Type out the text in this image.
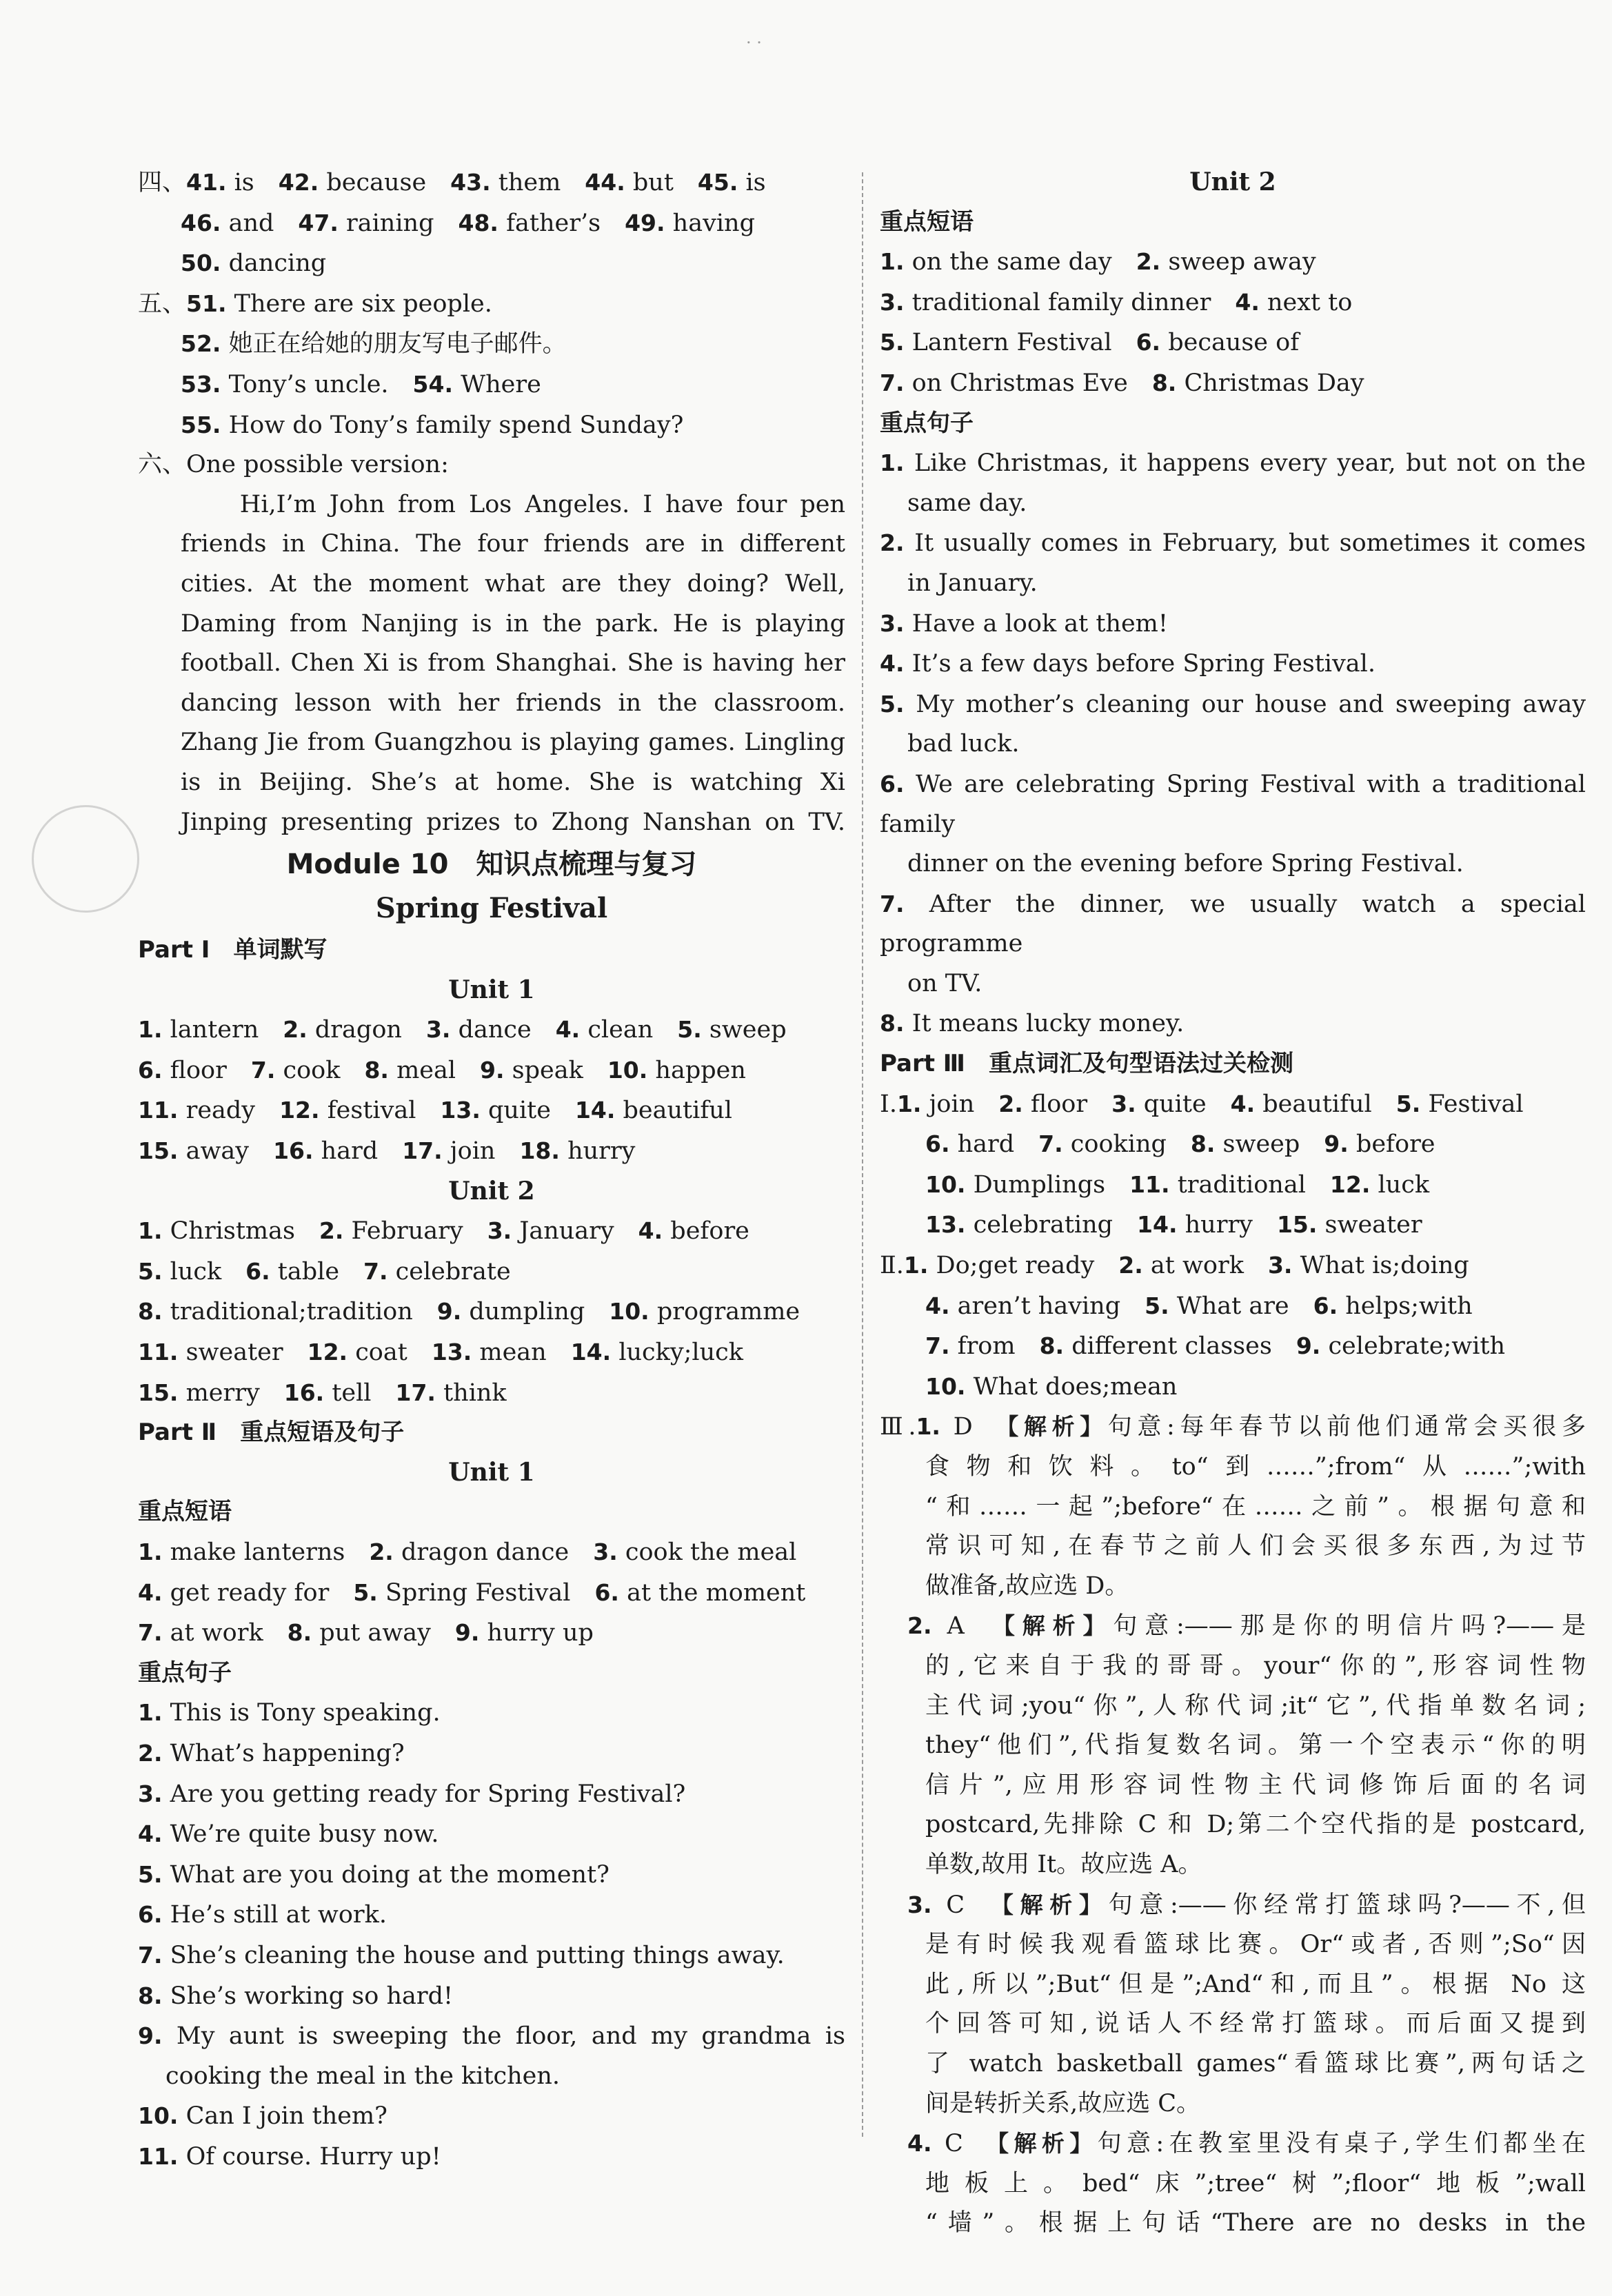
· ·
四、41. is　42. because　43. them　44. but　45. is
46. and　47. raining　48. father’s　49. having
50. dancing
五、51. There are six people.
52. 她正在给她的朋友写电子邮件。
53. Tony’s uncle.　54. Where
55. How do Tony’s family spend Sunday?
六、One possible version:
　　Hi,I’m John from Los Angeles. I have four pen
friends in China. The four friends are in different
cities. At the moment what are they doing? Well,
Daming from Nanjing is in the park. He is playing
football. Chen Xi is from Shanghai. She is having her
dancing lesson with her friends in the classroom.
Zhang Jie from Guangzhou is playing games. Lingling
is in Beijing. She’s at home. She is watching Xi
Jinping presenting prizes to Zhong Nanshan on TV.
Module 10　知识点梳理与复习
Spring Festival
Part Ⅰ　单词默写
Unit 1
1. lantern　2. dragon　3. dance　4. clean　5. sweep
6. floor　7. cook　8. meal　9. speak　10. happen
11. ready　12. festival　13. quite　14. beautiful
15. away　16. hard　17. join　18. hurry
Unit 2
1. Christmas　2. February　3. January　4. before
5. luck　6. table　7. celebrate
8. traditional;tradition　9. dumpling　10. programme
11. sweater　12. coat　13. mean　14. lucky;luck
15. merry　16. tell　17. think
Part Ⅱ　重点短语及句子
Unit 1
重点短语
1. make lanterns　2. dragon dance　3. cook the meal
4. get ready for　5. Spring Festival　6. at the moment
7. at work　8. put away　9. hurry up
重点句子
1. This is Tony speaking.
2. What’s happening?
3. Are you getting ready for Spring Festival?
4. We’re quite busy now.
5. What are you doing at the moment?
6. He’s still at work.
7. She’s cleaning the house and putting things away.
8. She’s working so hard!
9. My aunt is sweeping the floor, and my grandma is
cooking the meal in the kitchen.
10. Can I join them?
11. Of course. Hurry up!
Unit 2
重点短语
1. on the same day　2. sweep away
3. traditional family dinner　4. next to
5. Lantern Festival　6. because of
7. on Christmas Eve　8. Christmas Day
重点句子
1. Like Christmas, it happens every year, but not on the
same day.
2. It usually comes in February, but sometimes it comes
in January.
3. Have a look at them!
4. It’s a few days before Spring Festival.
5. My mother’s cleaning our house and sweeping away
bad luck.
6. We are celebrating Spring Festival with a traditional family
dinner on the evening before Spring Festival.
7. After the dinner, we usually watch a special programme
on TV.
8. It means lucky money.
Part Ⅲ　重点词汇及句型语法过关检测
Ⅰ.1. join　2. floor　3. quite　4. beautiful　5. Festival
6. hard　7. cooking　8. sweep　9. before
10. Dumplings　11. traditional　12. luck
13. celebrating　14. hurry　15. sweater
Ⅱ.1. Do;get ready　2. at work　3. What is;doing
4. aren’t having　5. What are　6. helps;with
7. from　8. different classes　9. celebrate;with
10. What does;mean
Ⅲ.1. D　【解析】句意:每年春节以前他们通常会买很多
食物和饮料。to“到……”;from“从……”;with
“和……一起”;before“在……之前”。根据句意和
常识可知,在春节之前人们会买很多东西,为过节
做准备,故应选 D。
2. A　【解析】句意:——那是你的明信片吗?——是
的,它来自于我的哥哥。your“你的”,形容词性物
主代词;you“你”,人称代词;it“它”,代指单数名词;
they“他们”,代指复数名词。第一个空表示“你的明
信片”,应用形容词性物主代词修饰后面的名词
postcard,先排除 C 和 D;第二个空代指的是 postcard,
单数,故用 It。故应选 A。
3. C　【解析】句意:——你经常打篮球吗?——不,但
是有时候我观看篮球比赛。Or“或者,否则”;So“因
此,所以”;But“但是”;And“和,而且”。根据 No 这
个回答可知,说话人不经常打篮球。而后面又提到
了 watch basketball games“看篮球比赛”,两句话之
间是转折关系,故应选 C。
4. C　【解析】句意:在教室里没有桌子,学生们都坐在
地板上。bed“床”;tree“树”;floor“地板”;wall
“墙”。根据上句话“There are no desks in the
